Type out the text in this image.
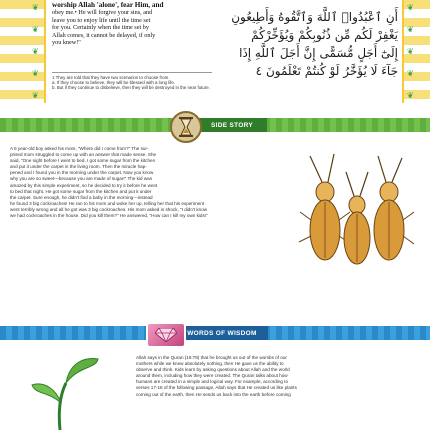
❦
❦
❦
❦
❦
❦
❦
❦
❦
❦
worship Allah 'alone', fear Him, and
obey me.• He will forgive your sins, and
leave you to enjoy life until the time set
for you. Certainly when the time set by
Allah comes, it cannot be delayed, if only
you knew!"
1 They are told that they have two scenarios to choose from.
a. If they choose to believe, they will be blessed with a long life.
b. But if they continue to disbelieve, then they will be destroyed in the near future.
أَنِ ٱعْبُدُوا۟ ٱللَّهَ وَٱتَّقُوهُ وَأَطِيعُونِ
يَغْفِرْ لَكُم مِّن ذُنُوبِكُمْ وَيُؤَخِّرْكُمْ
إِلَىٰٓ أَجَلٍ مُّسَمًّى إِنَّ أَجَلَ ٱللَّهِ إِذَا
جَآءَ لَا يُؤَخَّرُ لَوْ كُنتُمْ تَعْلَمُونَ ٤
SIDE STORY
A 5 year-old boy asked his mom, "Where did I come from?" The sur-
prised mom struggled to come up with an answer that made sense. She
said, "One night before I went to bed, I got some sugar from the kitchen
and put it under the carpet in the living room. Then the miracle hap-
pened and I found you in the morning under the carpet. Now you know
why you are so sweet—because you are made of sugar!" The kid was
amazed by this simple experiment, so he decided to try it before he went
to bed that night. He got some sugar from the kitchen and put it under
the carpet. Sure enough, he didn't find a baby in the morning—instead
he found 3 big cockroaches! He ran to his mom and woke her up, telling her that his experiment
went terribly wrong and all he got was 3 big cockroaches. His mom asked in shock, "I didn't know
we had cockroaches in the house. Did you kill them?" He answered, "How can I kill my own kids!"
WORDS OF WISDOM
Allah says in the Quran (16:78) that he brought us out of the wombs of our
mothers while we knew absolutely nothing, then He gave us the ability to
observe and think. Kids learn by asking questions about Allah and the world
around them, including how they were created. The Quran talks about how
humans are created in a simple and logical way. For example, according to
verses 17-18 of the following passage, Allah says that He created us like plants
coming out of the earth, then He sends us back into the earth before coming
